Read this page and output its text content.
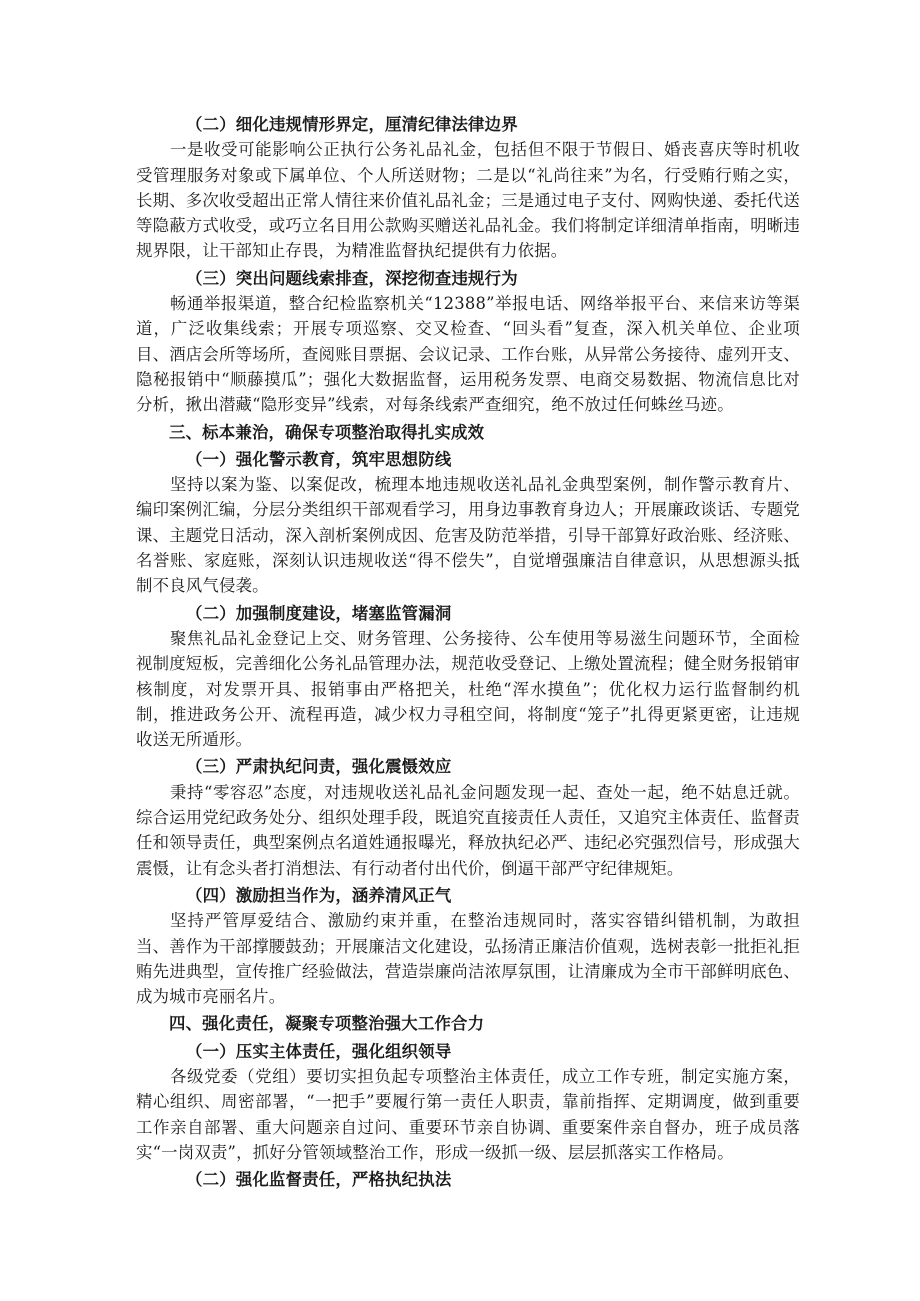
（二）细化违规情形界定，厘清纪律法律边界

一是收受可能影响公正执行公务礼品礼金，包括但不限于节假日、婚丧喜庆等时机收受管理服务对象或下属单位、个人所送财物；二是以“礼尚往来”为名，行受贿行贿之实，长期、多次收受超出正常人情往来价值礼品礼金；三是通过电子支付、网购快递、委托代送等隐蔽方式收受，或巧立名目用公款购买赠送礼品礼金。我们将制定详细清单指南，明晰违规界限，让干部知止存畏，为精准监督执纪提供有力依据。

（三）突出问题线索排查，深挖彻查违规行为

畅通举报渠道，整合纪检监察机关“12388”举报电话、网络举报平台、来信来访等渠道，广泛收集线索；开展专项巡察、交叉检查、“回头看”复查，深入机关单位、企业项目、酒店会所等场所，查阅账目票据、会议记录、工作台账，从异常公务接待、虚列开支、隐秘报销中“顺藤摸瓜”；强化大数据监督，运用税务发票、电商交易数据、物流信息比对分析，揪出潜藏“隐形变异”线索，对每条线索严查细究，绝不放过任何蛛丝马迹。

三、标本兼治，确保专项整治取得扎实成效

（一）强化警示教育，筑牢思想防线

坚持以案为鉴、以案促改，梳理本地违规收送礼品礼金典型案例，制作警示教育片、编印案例汇编，分层分类组织干部观看学习，用身边事教育身边人；开展廉政谈话、专题党课、主题党日活动，深入剖析案例成因、危害及防范举措，引导干部算好政治账、经济账、名誉账、家庭账，深刻认识违规收送“得不偿失”，自觉增强廉洁自律意识，从思想源头抵制不良风气侵袭。

（二）加强制度建设，堵塞监管漏洞

聚焦礼品礼金登记上交、财务管理、公务接待、公车使用等易滋生问题环节，全面检视制度短板，完善细化公务礼品管理办法，规范收受登记、上缴处置流程；健全财务报销审核制度，对发票开具、报销事由严格把关，杜绝“浑水摸鱼”；优化权力运行监督制约机制，推进政务公开、流程再造，减少权力寻租空间，将制度“笼子”扎得更紧更密，让违规收送无所遁形。

（三）严肃执纪问责，强化震慑效应

秉持“零容忍”态度，对违规收送礼品礼金问题发现一起、查处一起，绝不姑息迁就。综合运用党纪政务处分、组织处理手段，既追究直接责任人责任，又追究主体责任、监督责任和领导责任，典型案例点名道姓通报曝光，释放执纪必严、违纪必究强烈信号，形成强大震慑，让有念头者打消想法、有行动者付出代价，倒逼干部严守纪律规矩。

（四）激励担当作为，涵养清风正气

坚持严管厚爱结合、激励约束并重，在整治违规同时，落实容错纠错机制，为敢担当、善作为干部撑腰鼓劲；开展廉洁文化建设，弘扬清正廉洁价值观，选树表彰一批拒礼拒贿先进典型，宣传推广经验做法，营造崇廉尚洁浓厚氛围，让清廉成为全市干部鲜明底色、成为城市亮丽名片。

四、强化责任，凝聚专项整治强大工作合力

（一）压实主体责任，强化组织领导

各级党委（党组）要切实担负起专项整治主体责任，成立工作专班，制定实施方案，精心组织、周密部署，“一把手”要履行第一责任人职责，靠前指挥、定期调度，做到重要工作亲自部署、重大问题亲自过问、重要环节亲自协调、重要案件亲自督办，班子成员落实“一岗双责”，抓好分管领域整治工作，形成一级抓一级、层层抓落实工作格局。

（二）强化监督责任，严格执纪执法
